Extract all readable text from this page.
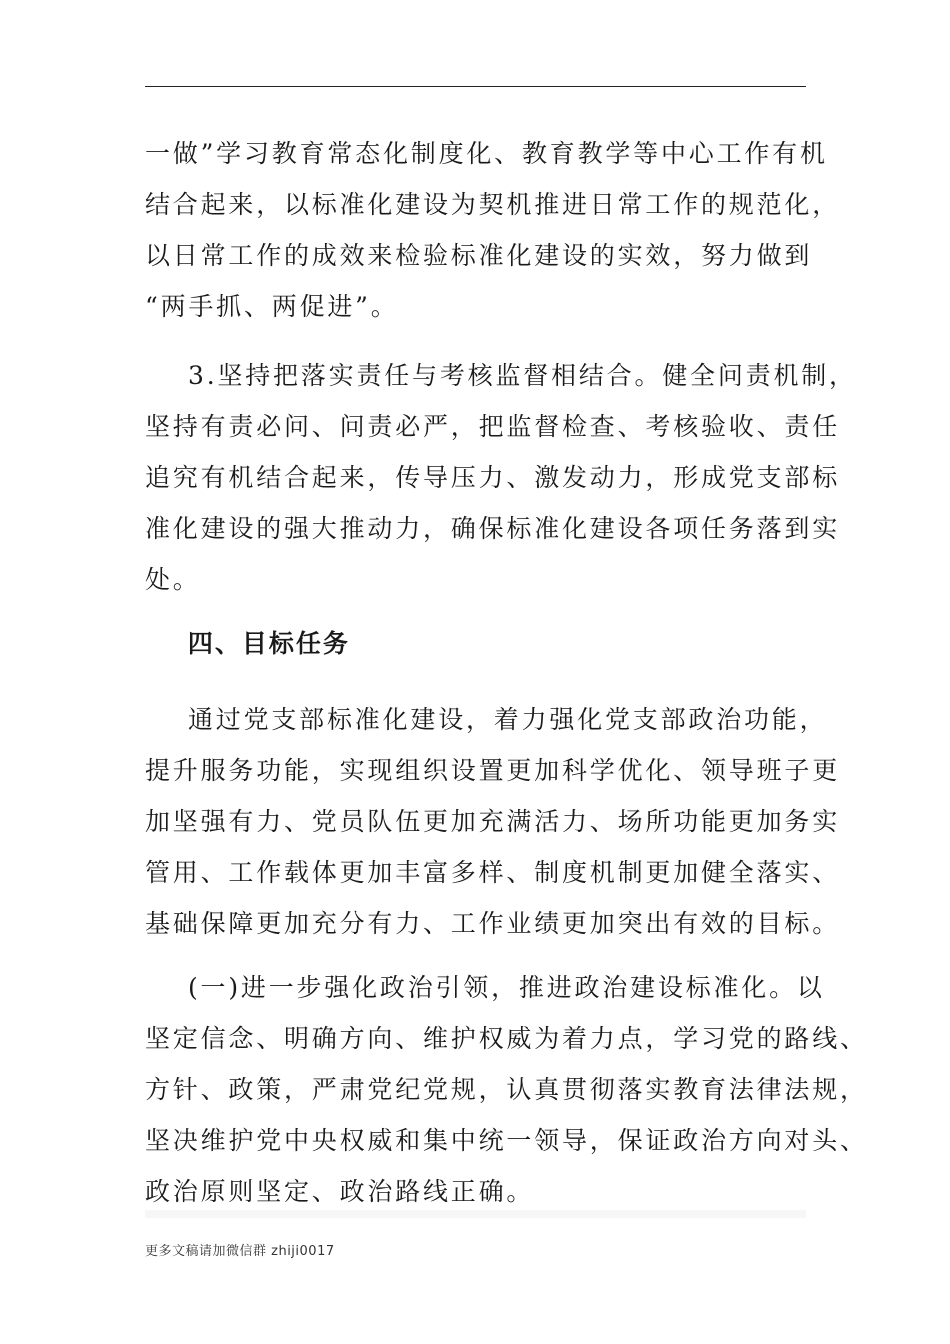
一做”学习教育常态化制度化、教育教学等中心工作有机
结合起来，以标准化建设为契机推进日常工作的规范化，
以日常工作的成效来检验标准化建设的实效，努力做到
“两手抓、两促进”。
3.坚持把落实责任与考核监督相结合。健全问责机制，
坚持有责必问、问责必严，把监督检查、考核验收、责任
追究有机结合起来，传导压力、激发动力，形成党支部标
准化建设的强大推动力，确保标准化建设各项任务落到实
处。
四、目标任务
通过党支部标准化建设，着力强化党支部政治功能，
提升服务功能，实现组织设置更加科学优化、领导班子更
加坚强有力、党员队伍更加充满活力、场所功能更加务实
管用、工作载体更加丰富多样、制度机制更加健全落实、
基础保障更加充分有力、工作业绩更加突出有效的目标。
(一)进一步强化政治引领，推进政治建设标准化。以
坚定信念、明确方向、维护权威为着力点，学习党的路线、
方针、政策，严肃党纪党规，认真贯彻落实教育法律法规，
坚决维护党中央权威和集中统一领导，保证政治方向对头、
政治原则坚定、政治路线正确。
更多文稿请加微信群 zhiji0017
